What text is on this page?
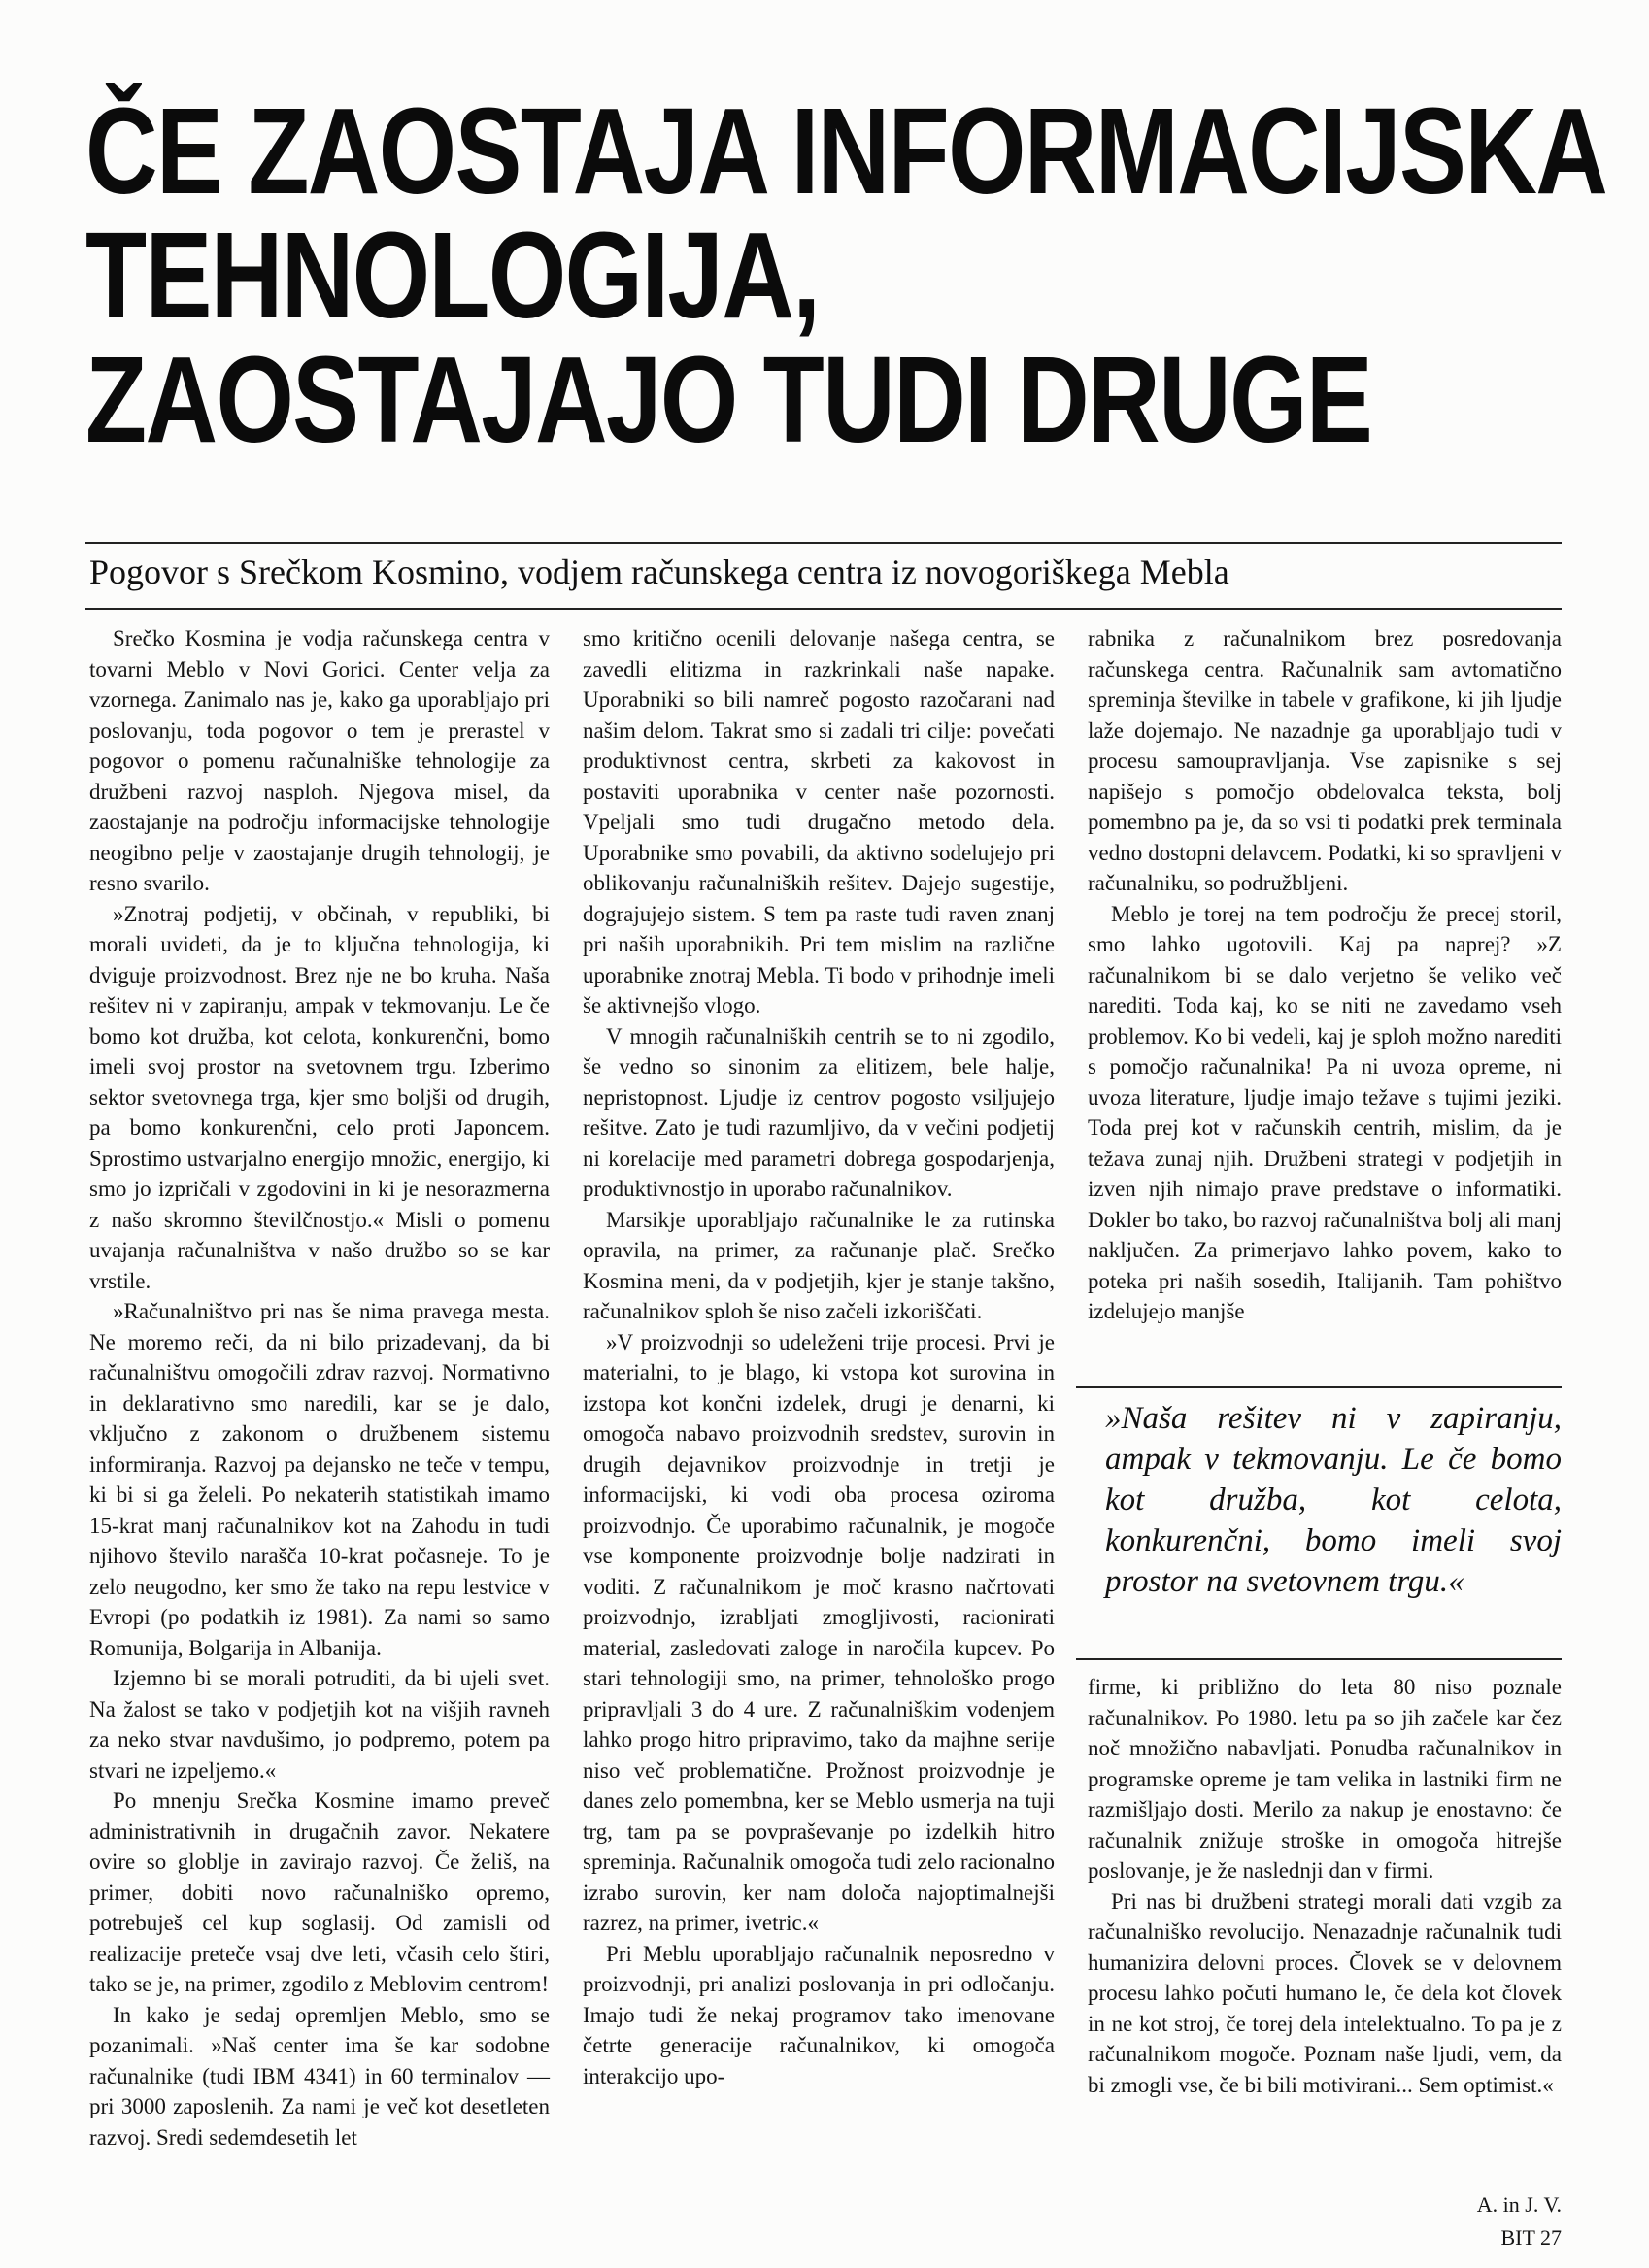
ČE ZAOSTAJA INFORMACIJSKA
TEHNOLOGIJA,
ZAOSTAJAJO TUDI DRUGE
Pogovor s Srečkom Kosmino, vodjem računskega centra iz novogoriškega Mebla

Srečko Kosmina je vodja računskega centra v tovarni Meblo v Novi Gorici. Center velja za vzornega. Zanimalo nas je, kako ga uporabljajo pri poslovanju, toda pogovor o tem je prerastel v pogovor o pomenu računalniške tehnologije za družbeni razvoj nasploh. Njegova misel, da zaostajanje na področju informacijske tehnologije neogibno pelje v zaostajanje drugih tehnologij, je resno svarilo.

»Znotraj podjetij, v občinah, v republiki, bi morali uvideti, da je to ključna tehnologija, ki dviguje proizvodnost. Brez nje ne bo kruha. Naša rešitev ni v zapiranju, ampak v tekmovanju. Le če bomo kot družba, kot celota, konkurenčni, bomo imeli svoj prostor na svetovnem trgu. Izberimo sektor svetovnega trga, kjer smo boljši od drugih, pa bomo konkurenčni, celo proti Japoncem. Sprostimo ustvarjalno energijo množic, energijo, ki smo jo izpričali v zgodovini in ki je nesorazmerna z našo skromno številčnostjo.« Misli o pomenu uvajanja računalništva v našo družbo so se kar vrstile.

»Računalništvo pri nas še nima pravega mesta. Ne moremo reči, da ni bilo prizadevanj, da bi računalništvu omogočili zdrav razvoj. Normativno in deklarativno smo naredili, kar se je dalo, vključno z zakonom o družbenem sistemu informiranja. Razvoj pa dejansko ne teče v tempu, ki bi si ga želeli. Po nekaterih statistikah imamo 15-krat manj računalnikov kot na Zahodu in tudi njihovo število narašča 10-krat počasneje. To je zelo neugodno, ker smo že tako na repu lestvice v Evropi (po podatkih iz 1981). Za nami so samo Romunija, Bolgarija in Albanija.

Izjemno bi se morali potruditi, da bi ujeli svet. Na žalost se tako v podjetjih kot na višjih ravneh za neko stvar navdušimo, jo podpremo, potem pa stvari ne izpeljemo.«

Po mnenju Srečka Kosmine imamo preveč administrativnih in drugačnih zavor. Nekatere ovire so globlje in zavirajo razvoj. Če želiš, na primer, dobiti novo računalniško opremo, potrebuješ cel kup soglasij. Od zamisli od realizacije preteče vsaj dve leti, včasih celo štiri, tako se je, na primer, zgodilo z Meblovim centrom!

In kako je sedaj opremljen Meblo, smo se pozanimali. »Naš center ima še kar sodobne računalnike (tudi IBM 4341) in 60 terminalov — pri 3000 zaposlenih. Za nami je več kot desetleten razvoj. Sredi sedemdesetih let

smo kritično ocenili delovanje našega centra, se zavedli elitizma in razkrinkali naše napake. Uporabniki so bili namreč pogosto razočarani nad našim delom. Takrat smo si zadali tri cilje: povečati produktivnost centra, skrbeti za kakovost in postaviti uporabnika v center naše pozornosti. Vpeljali smo tudi drugačno metodo dela. Uporabnike smo povabili, da aktivno sodelujejo pri oblikovanju računalniških rešitev. Dajejo sugestije, dograjujejo sistem. S tem pa raste tudi raven znanj pri naših uporabnikih. Pri tem mislim na različne uporabnike znotraj Mebla. Ti bodo v prihodnje imeli še aktivnejšo vlogo.

V mnogih računalniških centrih se to ni zgodilo, še vedno so sinonim za elitizem, bele halje, nepristopnost. Ljudje iz centrov pogosto vsiljujejo rešitve. Zato je tudi razumljivo, da v večini podjetij ni korelacije med parametri dobrega gospodarjenja, produktivnostjo in uporabo računalnikov.

Marsikje uporabljajo računalnike le za rutinska opravila, na primer, za računanje plač. Srečko Kosmina meni, da v podjetjih, kjer je stanje takšno, računalnikov sploh še niso začeli izkoriščati.

»V proizvodnji so udeleženi trije procesi. Prvi je materialni, to je blago, ki vstopa kot surovina in izstopa kot končni izdelek, drugi je denarni, ki omogoča nabavo proizvodnih sredstev, surovin in drugih dejavnikov proizvodnje in tretji je informacijski, ki vodi oba procesa oziroma proizvodnjo. Če uporabimo računalnik, je mogoče vse komponente proizvodnje bolje nadzirati in voditi. Z računalnikom je moč krasno načrtovati proizvodnjo, izrabljati zmogljivosti, racionirati material, zasledovati zaloge in naročila kupcev. Po stari tehnologiji smo, na primer, tehnološko progo pripravljali 3 do 4 ure. Z računalniškim vodenjem lahko progo hitro pripravimo, tako da majhne serije niso več problematične. Prožnost proizvodnje je danes zelo pomembna, ker se Meblo usmerja na tuji trg, tam pa se povpraševanje po izdelkih hitro spreminja. Računalnik omogoča tudi zelo racionalno izrabo surovin, ker nam določa najoptimalnejši razrez, na primer, ivetric.«

Pri Meblu uporabljajo računalnik neposredno v proizvodnji, pri analizi poslovanja in pri odločanju. Imajo tudi že nekaj programov tako imenovane četrte generacije računalnikov, ki omogoča interakcijo upo-

rabnika z računalnikom brez posredovanja računskega centra. Računalnik sam avtomatično spreminja številke in tabele v grafikone, ki jih ljudje laže dojemajo. Ne nazadnje ga uporabljajo tudi v procesu samoupravljanja. Vse zapisnike s sej napišejo s pomočjo obdelovalca teksta, bolj pomembno pa je, da so vsi ti podatki prek terminala vedno dostopni delavcem. Podatki, ki so spravljeni v računalniku, so podružbljeni.

Meblo je torej na tem področju že precej storil, smo lahko ugotovili. Kaj pa naprej? »Z računalnikom bi se dalo verjetno še veliko več narediti. Toda kaj, ko se niti ne zavedamo vseh problemov. Ko bi vedeli, kaj je sploh možno narediti s pomočjo računalnika! Pa ni uvoza opreme, ni uvoza literature, ljudje imajo težave s tujimi jeziki. Toda prej kot v računskih centrih, mislim, da je težava zunaj njih. Družbeni strategi v podjetjih in izven njih nimajo prave predstave o informatiki. Dokler bo tako, bo razvoj računalništva bolj ali manj naključen. Za primerjavo lahko povem, kako to poteka pri naših sosedih, Italijanih. Tam pohištvo izdelujejo manjše

»Naša rešitev ni v zapiranju, ampak v tekmovanju. Le če bomo kot družba, kot celota, konkurenčni, bomo imeli svoj prostor na svetovnem trgu.«

firme, ki približno do leta 80 niso poznale računalnikov. Po 1980. letu pa so jih začele kar čez noč množično nabavljati. Ponudba računalnikov in programske opreme je tam velika in lastniki firm ne razmišljajo dosti. Merilo za nakup je enostavno: če računalnik znižuje stroške in omogoča hitrejše poslovanje, je že naslednji dan v firmi.

Pri nas bi družbeni strategi morali dati vzgib za računalniško revolucijo. Nenazadnje računalnik tudi humanizira delovni proces. Človek se v delovnem procesu lahko počuti humano le, če dela kot človek in ne kot stroj, če torej dela intelektualno. To pa je z računalnikom mogoče. Poznam naše ljudi, vem, da bi zmogli vse, če bi bili motivirani... Sem optimist.«

A. in J. V.
BIT 27
